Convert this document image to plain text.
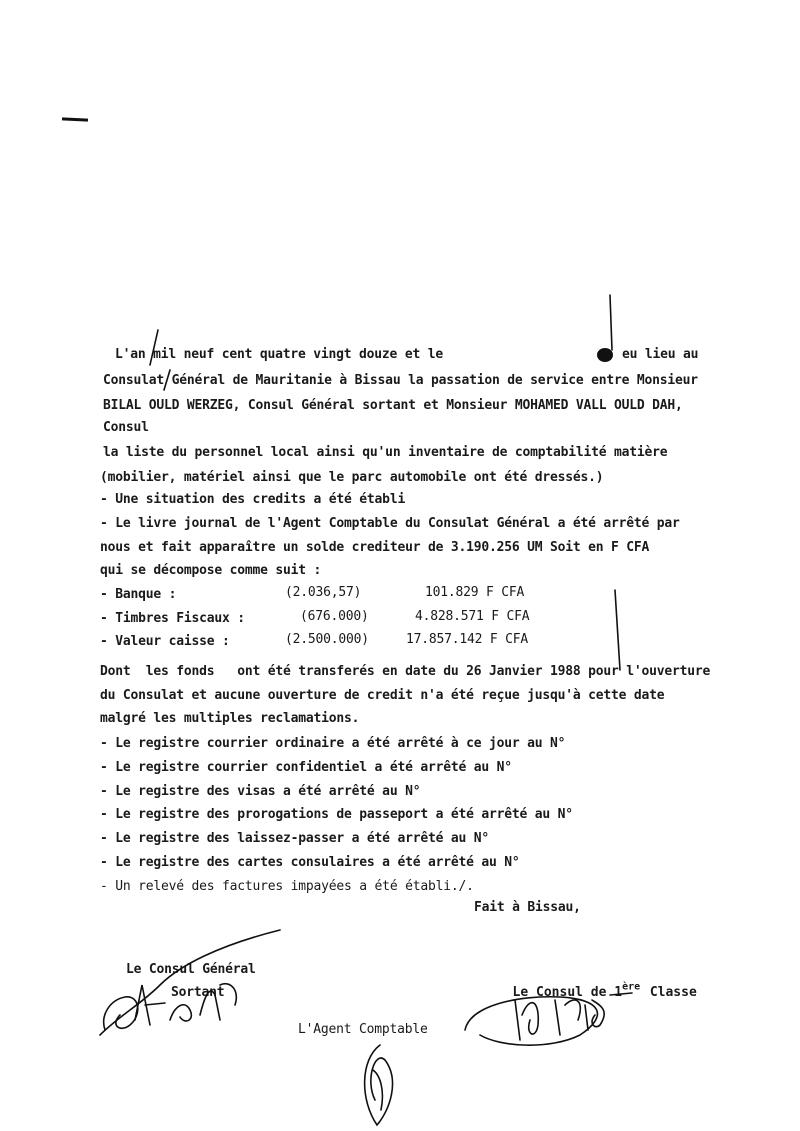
L'an mil neuf cent quatre vingt douze et le	eu lieu au
Consulat Général de Mauritanie à Bissau la passation de service entre Monsieur
BILAL OULD WERZEG, Consul Général sortant et Monsieur MOHAMED VALL OULD DAH,
Consul
la liste du personnel local ainsi qu'un inventaire de comptabilité matière
(mobilier, matériel ainsi que le parc automobile ont été dressés.)
- Une situation des credits a été établi
- Le livre journal de l'Agent Comptable du Consulat Général a été arrêté par
nous et fait apparaître un solde crediteur de 3.190.256 UM Soit en F CFA
qui se décompose comme suit :
- Banque :	(2.036,57)	101.829 F CFA
- Timbres Fiscaux :	(676.000)	4.828.571 F CFA
- Valeur caisse :	(2.500.000)	17.857.142 F CFA
Dont  les fonds   ont été transferés en date du 26 Janvier 1988 pour l'ouverture
du Consulat et aucune ouverture de credit n'a été reçue jusqu'à cette date
malgré les multiples reclamations.
- Le registre courrier ordinaire a été arrêté à ce jour au N°
- Le registre courrier confidentiel a été arrêté au N°
- Le registre des visas a été arrêté au N°
- Le registre des prorogations de passeport a été arrêté au N°
- Le registre des laissez-passer a été arrêté au N°
- Le registre des cartes consulaires a été arrêté au N°
- Un relevé des factures impayées a été établi./.
Fait à Bissau,
Le Consul Général
Sortant	Le Consul de 1ère Classe

L'Agent Comptable
